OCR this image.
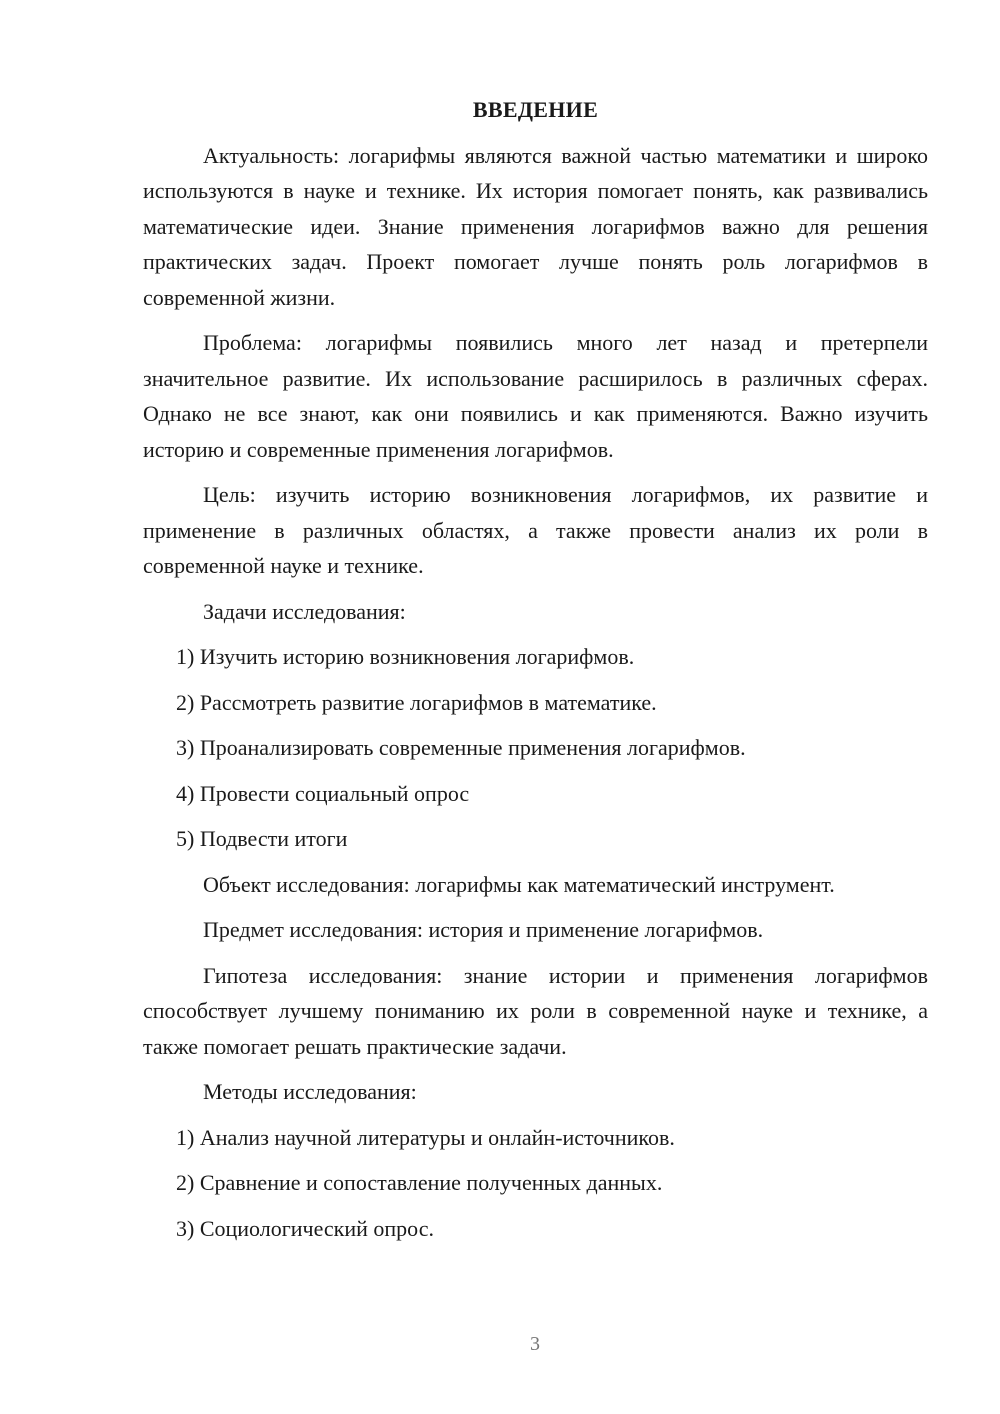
ВВЕДЕНИЕ

Актуальность: логарифмы являются важной частью математики и широко используются в науке и технике. Их история помогает понять, как развивались математические идеи. Знание применения логарифмов важно для решения практических задач. Проект помогает лучше понять роль логарифмов в современной жизни.

Проблема: логарифмы появились много лет назад и претерпели значительное развитие. Их использование расширилось в различных сферах. Однако не все знают, как они появились и как применяются. Важно изучить историю и современные применения логарифмов.

Цель: изучить историю возникновения логарифмов, их развитие и применение в различных областях, а также провести анализ их роли в современной науке и технике.

Задачи исследования:

1) Изучить историю возникновения логарифмов.
2) Рассмотреть развитие логарифмов в математике.
3) Проанализировать современные применения логарифмов.
4) Провести социальный опрос
5) Подвести итоги

Объект исследования: логарифмы как математический инструмент.

Предмет исследования: история и применение логарифмов.

Гипотеза исследования: знание истории и применения логарифмов способствует лучшему пониманию их роли в современной науке и технике, а также помогает решать практические задачи.

Методы исследования:

1) Анализ научной литературы и онлайн-источников.
2) Сравнение и сопоставление полученных данных.
3) Социологический опрос.
3
